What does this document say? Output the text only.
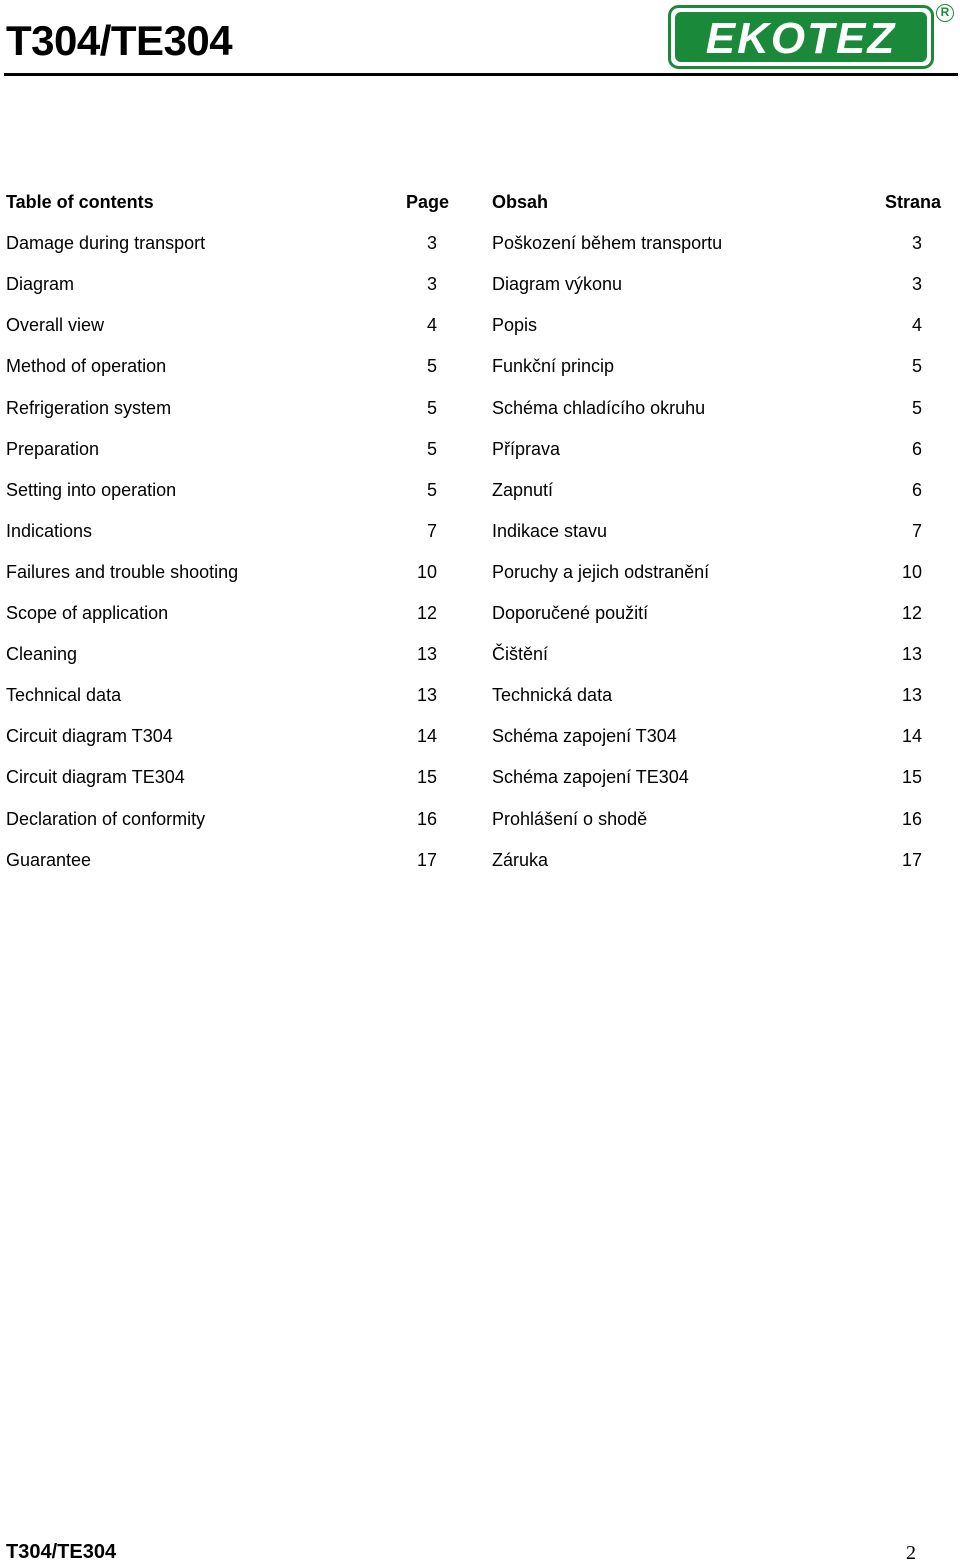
T304/TE304	EKOTEZ
R
Table of contents	Page
Damage during transport	3
Diagram	3
Overall view	4
Method of operation	5
Refrigeration system	5
Preparation	5
Setting into operation	5
Indications	7
Failures and trouble shooting	10
Scope of application	12
Cleaning	13
Technical data	13
Circuit diagram T304	14
Circuit diagram TE304	15
Declaration of conformity	16
Guarantee	17
Obsah	Strana
Poškození během transportu	3
Diagram výkonu	3
Popis	4
Funkční princip	5
Schéma chladícího okruhu	5
Příprava	6
Zapnutí	6
Indikace stavu	7
Poruchy a jejich odstranění	10
Doporučené použití	12
Čištění	13
Technická data	13
Schéma zapojení T304	14
Schéma zapojení TE304	15
Prohlášení o shodě	16
Záruka	17
T304/TE304	2
